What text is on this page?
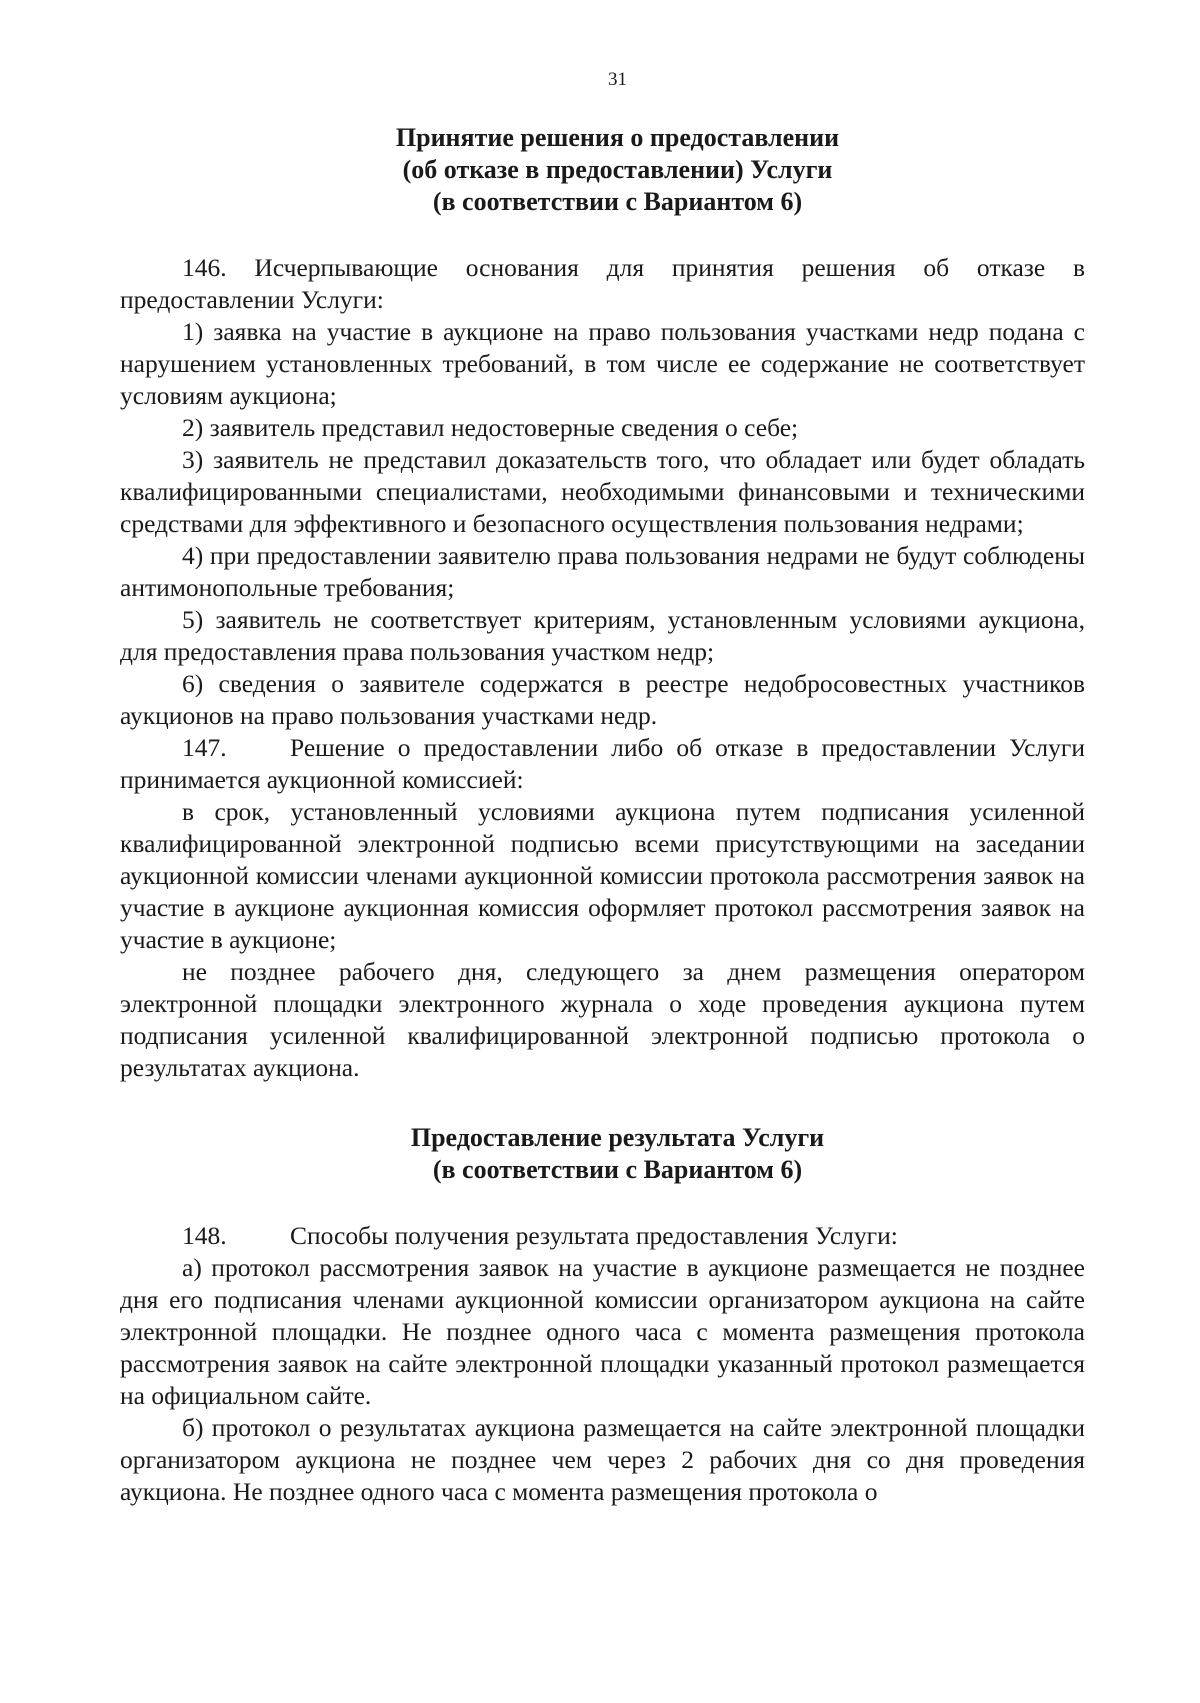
31
Принятие решения о предоставлении
(об отказе в предоставлении) Услуги
(в соответствии с Вариантом 6)

146. Исчерпывающие основания для принятия решения об отказе в предоставлении Услуги:

1) заявка на участие в аукционе на право пользования участками недр подана с нарушением установленных требований, в том числе ее содержание не соответствует условиям аукциона;

2) заявитель представил недостоверные сведения о себе;

3) заявитель не представил доказательств того, что обладает или будет обладать квалифицированными специалистами, необходимыми финансовыми и техническими средствами для эффективного и безопасного осуществления пользования недрами;

4) при предоставлении заявителю права пользования недрами не будут соблюдены антимонопольные требования;

5) заявитель не соответствует критериям, установленным условиями аукциона, для предоставления права пользования участком недр;

6) сведения о заявителе содержатся в реестре недобросовестных участников аукционов на право пользования участками недр.

147. Решение о предоставлении либо об отказе в предоставлении Услуги принимается аукционной комиссией:

в срок, установленный условиями аукциона путем подписания усиленной квалифицированной электронной подписью всеми присутствующими на заседании аукционной комиссии членами аукционной комиссии протокола рассмотрения заявок на участие в аукционе аукционная комиссия оформляет протокол рассмотрения заявок на участие в аукционе;

не позднее рабочего дня, следующего за днем размещения оператором электронной площадки электронного журнала о ходе проведения аукциона путем подписания усиленной квалифицированной электронной подписью протокола о результатах аукциона.

Предоставление результата Услуги
(в соответствии с Вариантом 6)

148. Способы получения результата предоставления Услуги:

а) протокол рассмотрения заявок на участие в аукционе размещается не позднее дня его подписания членами аукционной комиссии организатором аукциона на сайте электронной площадки. Не позднее одного часа с момента размещения протокола рассмотрения заявок на сайте электронной площадки указанный протокол размещается на официальном сайте.

б) протокол о результатах аукциона размещается на сайте электронной площадки организатором аукциона не позднее чем через 2 рабочих дня со дня проведения аукциона. Не позднее одного часа с момента размещения протокола о
